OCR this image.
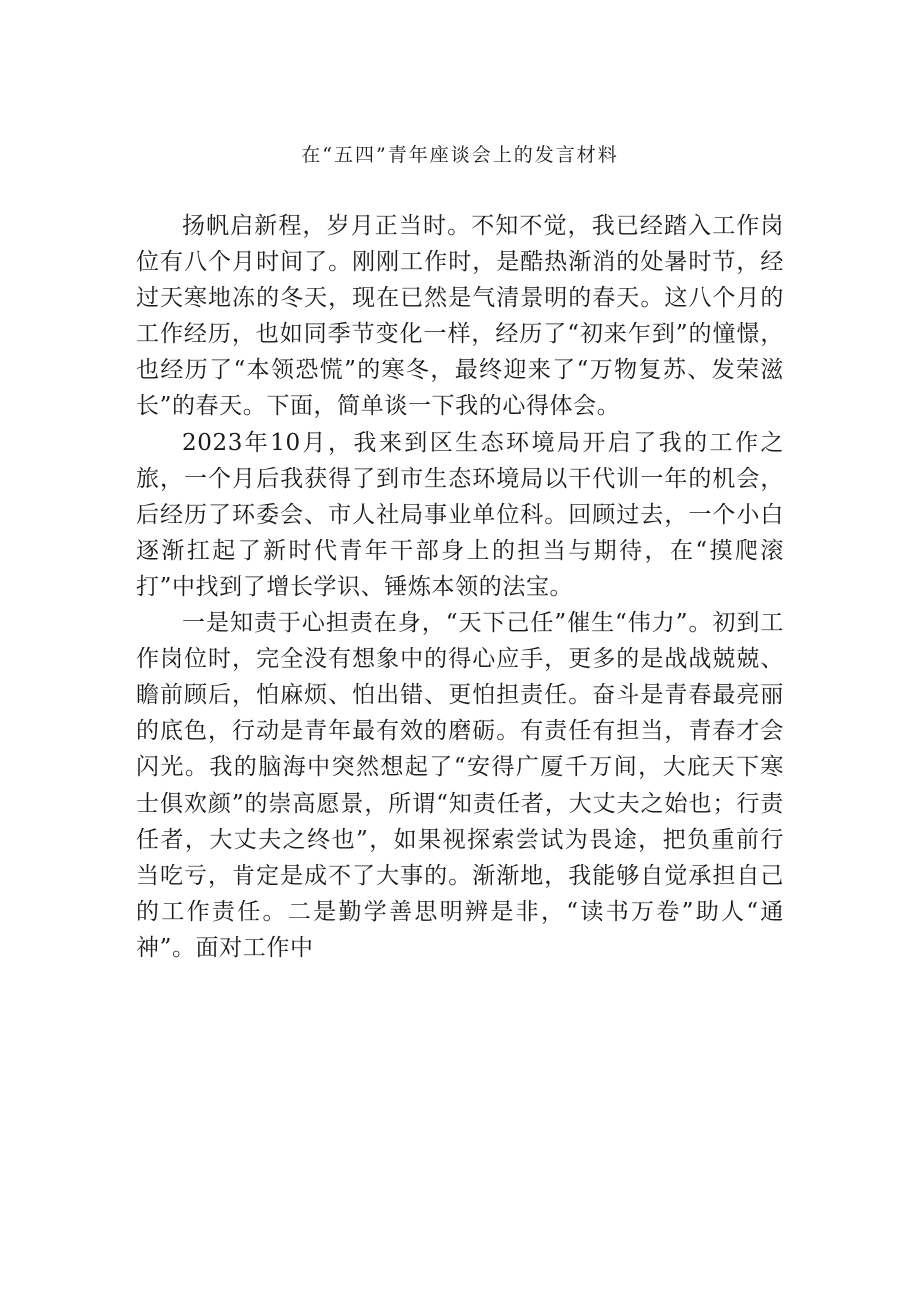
在“五四”青年座谈会上的发言材料

扬帆启新程，岁月正当时。不知不觉，我已经踏入工作岗位有八个月时间了。刚刚工作时，是酷热渐消的处暑时节，经过天寒地冻的冬天，现在已然是气清景明的春天。这八个月的工作经历，也如同季节变化一样，经历了“初来乍到”的憧憬，也经历了“本领恐慌”的寒冬，最终迎来了“万物复苏、发荣滋长”的春天。下面，简单谈一下我的心得体会。

2023年10月，我来到区生态环境局开启了我的工作之旅，一个月后我获得了到市生态环境局以干代训一年的机会，后经历了环委会、市人社局事业单位科。回顾过去，一个小白逐渐扛起了新时代青年干部身上的担当与期待，在“摸爬滚打”中找到了增长学识、锤炼本领的法宝。

一是知责于心担责在身，“天下己任”催生“伟力”。初到工作岗位时，完全没有想象中的得心应手，更多的是战战兢兢、瞻前顾后，怕麻烦、怕出错、更怕担责任。奋斗是青春最亮丽的底色，行动是青年最有效的磨砺。有责任有担当，青春才会闪光。我的脑海中突然想起了“安得广厦千万间，大庇天下寒士俱欢颜”的崇高愿景，所谓“知责任者，大丈夫之始也；行责任者，大丈夫之终也”，如果视探索尝试为畏途，把负重前行当吃亏，肯定是成不了大事的。渐渐地，我能够自觉承担自己的工作责任。二是勤学善思明辨是非，“读书万卷”助人“通神”。面对工作中
